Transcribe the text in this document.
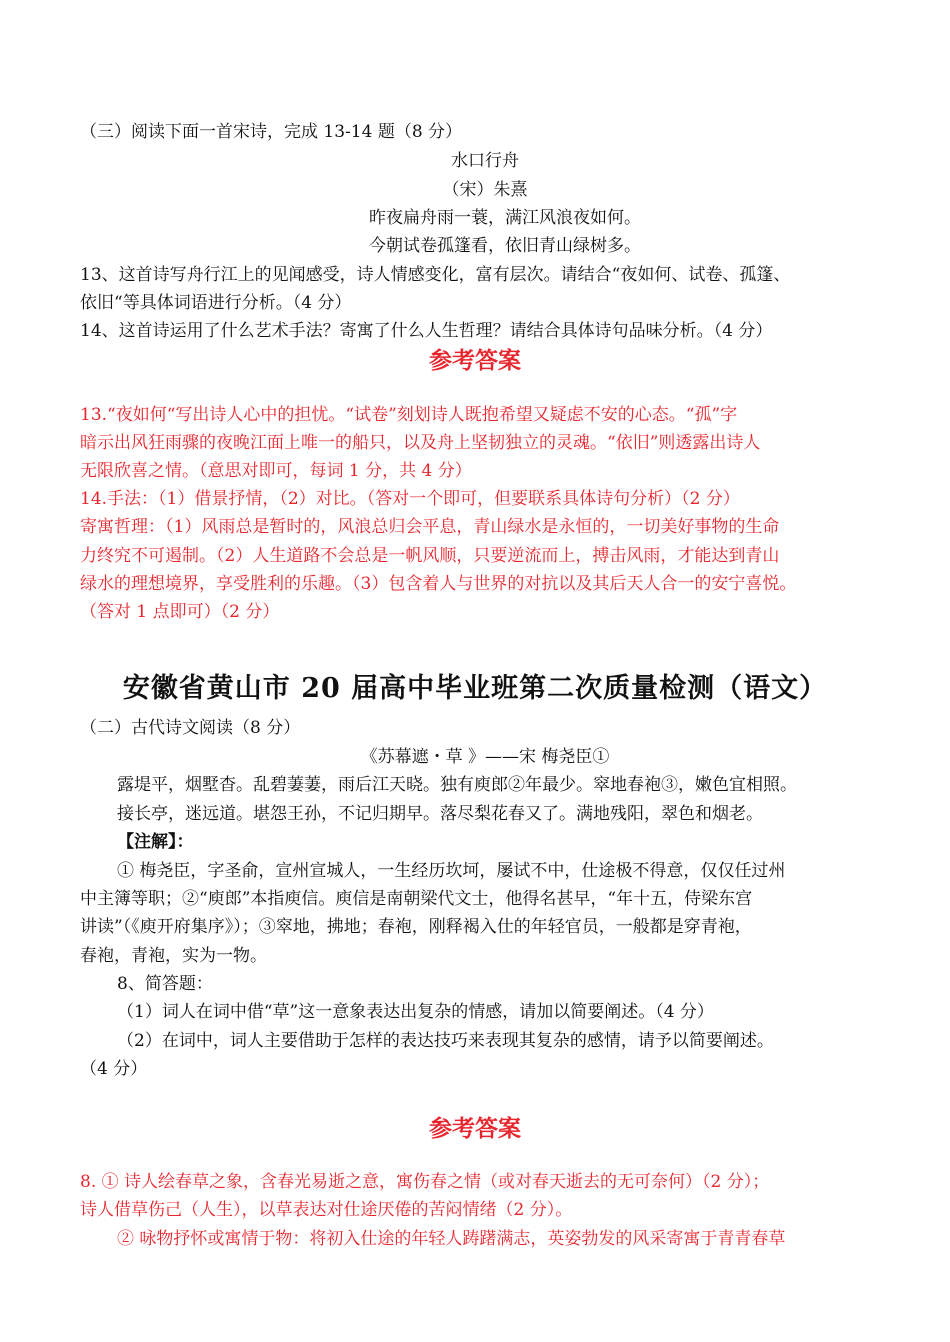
（三）阅读下面一首宋诗，完成 13-14 题（8 分）
水口行舟
（宋）朱熹
昨夜扁舟雨一蓑，满江风浪夜如何。
今朝试卷孤篷看，依旧青山绿树多。
13、这首诗写舟行江上的见闻感受，诗人情感变化，富有层次。请结合“夜如何、试卷、孤篷、
依旧“等具体词语进行分析。（4 分）
14、这首诗运用了什么艺术手法？寄寓了什么人生哲理？请结合具体诗句品味分析。（4 分）
参考答案
13.“夜如何“写出诗人心中的担忧。“试卷”刻划诗人既抱希望又疑虑不安的心态。“孤”字
暗示出风狂雨骤的夜晚江面上唯一的船只，以及舟上坚韧独立的灵魂。“依旧”则透露出诗人
无限欣喜之情。（意思对即可，每词 1 分，共 4 分）
14.手法：（1）借景抒情，（2）对比。（答对一个即可，但要联系具体诗句分析）（2 分）
寄寓哲理：（1）风雨总是暂时的，风浪总归会平息，青山绿水是永恒的，一切美好事物的生命
力终究不可遏制。（2）人生道路不会总是一帆风顺，只要逆流而上，搏击风雨，才能达到青山
绿水的理想境界，享受胜利的乐趣。（3）包含着人与世界的对抗以及其后天人合一的安宁喜悦。
（答对 1 点即可）（2 分）
安徽省黄山市 20 届高中毕业班第二次质量检测（语文）
（二）古代诗文阅读（8 分）
《苏幕遮・草 》——宋 梅尧臣①
露堤平，烟墅杳。乱碧萋萋，雨后江天晓。独有庾郎②年最少。窣地春袍③，嫩色宜相照。
接长亭，迷远道。堪怨王孙，不记归期早。落尽梨花春又了。满地残阳，翠色和烟老。
【注解】：
① 梅尧臣，字圣俞，宣州宣城人，一生经历坎坷，屡试不中，仕途极不得意，仅仅任过州
中主簿等职；②“庾郎”本指庾信。庾信是南朝梁代文士，他得名甚早，“年十五，侍梁东宫
讲读”（《庾开府集序》）；③窣地，拂地；春袍，刚释褐入仕的年轻官员，一般都是穿青袍，
春袍，青袍，实为一物。
8、简答题：
（1）词人在词中借“草”这一意象表达出复杂的情感，请加以简要阐述。（4 分）
（2）在词中，词人主要借助于怎样的表达技巧来表现其复杂的感情，请予以简要阐述。
（4 分）
参考答案
8. ① 诗人绘春草之象，含春光易逝之意，寓伤春之情（或对春天逝去的无可奈何）（2 分）；
诗人借草伤己（人生），以草表达对仕途厌倦的苦闷情绪（2 分）。
② 咏物抒怀或寓情于物：将初入仕途的年轻人踌躇满志，英姿勃发的风采寄寓于青青春草
